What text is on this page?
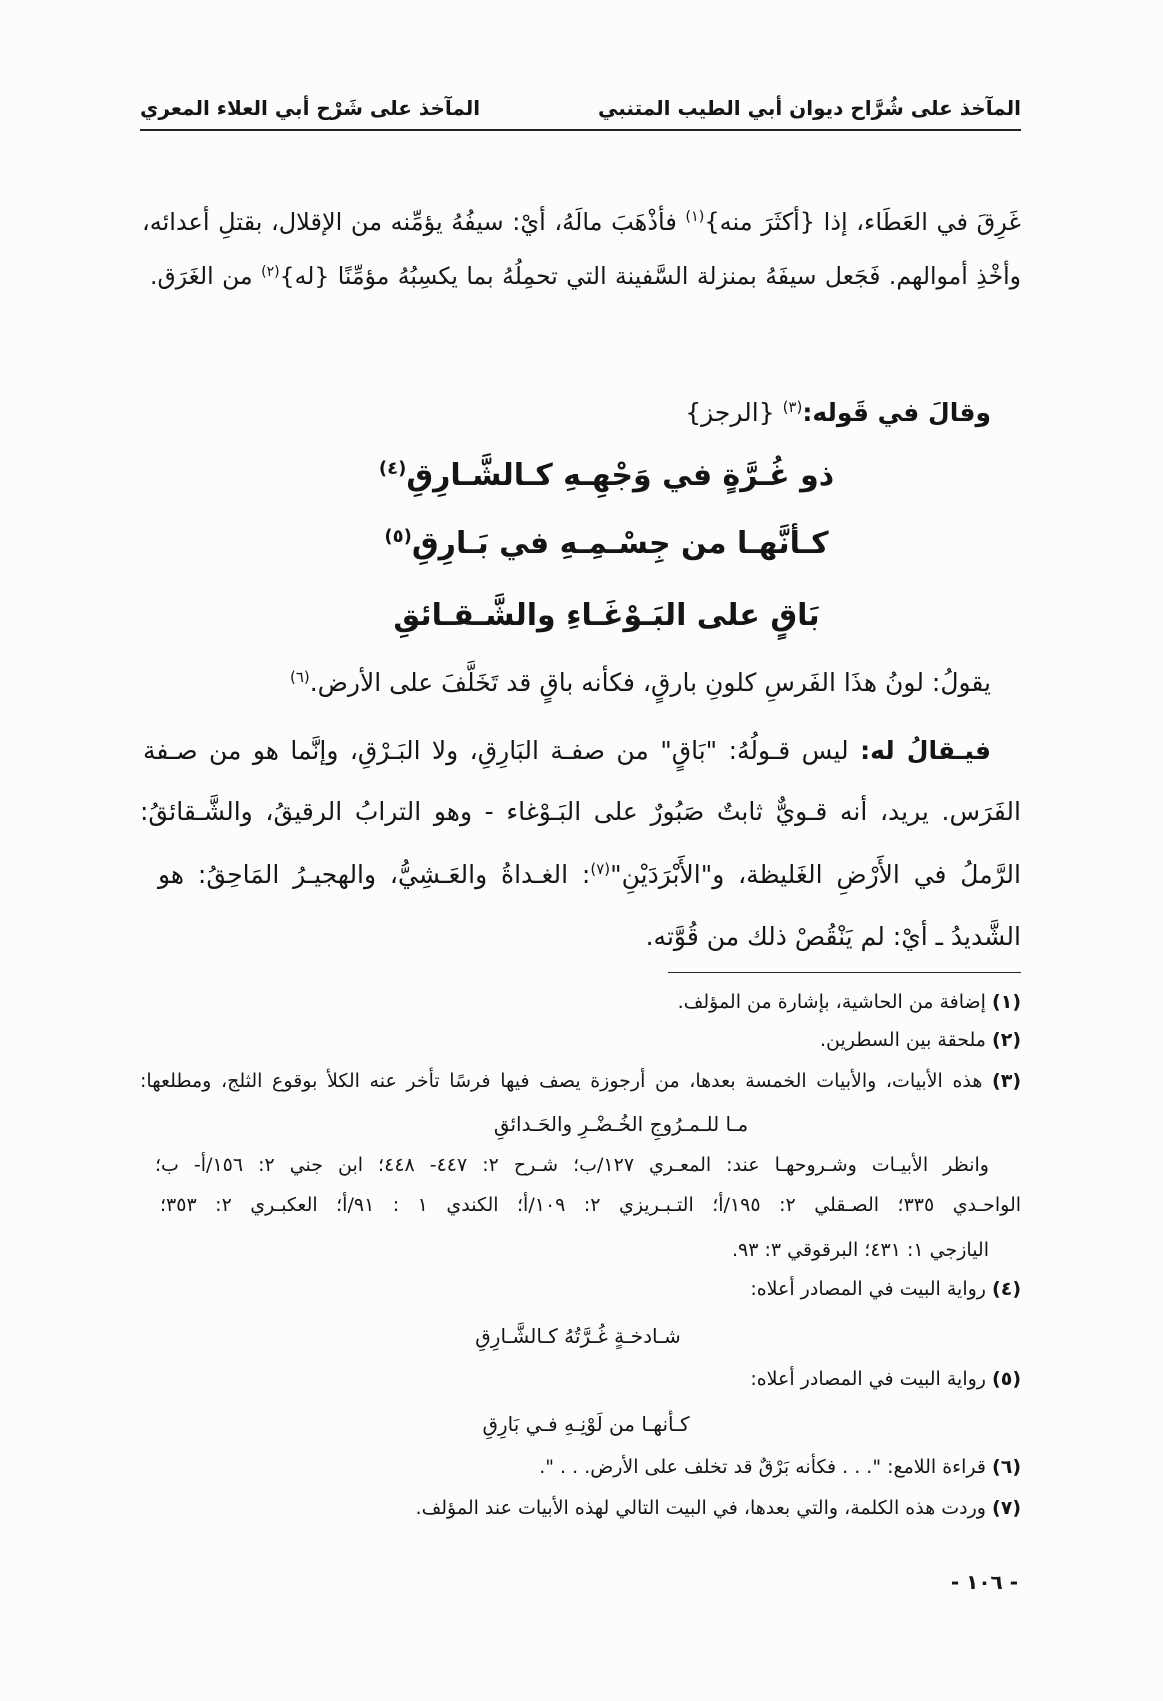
المآخذ على شُرَّاح ديوان أبي الطيب المتنبي
المآخذ على شَرْح أبي العلاء المعري
غَرِقَ في العَطَاء، إذا {أكثَرَ منه}$^{(١)}$ فأذْهَبَ مالَهُ، أيْ: سيفُهُ يؤمِّنه من الإقلال، بقتلِ أعدائه،
وأخْذِ أموالهم. فَجَعل سيفَهُ بمنزلة السَّفينة التي تحمِلُهُ بما يكسِبُهُ مؤمِّنًا {له}$^{(٢)}$ من الغَرَق.
وقالَ في قَوله:$^{(٣)}$ {الرجز}
ذو غُـرَّةٍ في وَجْهِـهِ كـالشَّـارِقِ$^{(٤)}$
كـأنَّهـا من جِسْـمِـهِ في بَـارِقِ$^{(٥)}$
بَاقٍ على البَـوْغَـاءِ والشَّـقـائقِ
يقولُ: لونُ هذَا الفَرسِ كلونِ بارقٍ، فكأنه باقٍ قد تَخَلَّفَ على الأرض.$^{(٦)}$
فيـقالُ له: ليس قـولُهُ: "بَاقٍ" من صفـة البَارِقِ، ولا البَـرْقِ، وإنَّما هو من صـفة
الفَرَس. يريد، أنه قـويٌّ ثابتٌ صَبُورٌ على البَـوْغاء - وهو الترابُ الرقيقُ، والشَّـقائقُ:
الرَّملُ في الأَرْضِ الغَليظة، و"الأَبْرَدَيْنِ"$^{(٧)}$: الغـداةُ والعَـشِيُّ، والهجيـرُ المَاحِقُ: هو
الشَّديدُ ـ أيْ: لم يَنْقُصْ ذلك من قُوَّته.
(١) إضافة من الحاشية، بإشارة من المؤلف.
(٢) ملحقة بين السطرين.
(٣) هذه الأبيات، والأبيات الخمسة بعدها، من أرجوزة يصف فيها فرسًا تأخر عنه الكلأ بوقوع الثلج، ومطلعها:
مـا للـمـرُوجِ الخُـضْـرِ والحَـدائقِ
وانظر الأبيـات وشـروحهـا عند: المعـري ١٢٧/ب؛ شـرح ٢: ٤٤٧- ٤٤٨؛ ابن جني ٢: ١٥٦/أ- ب؛
الواحـدي ٣٣٥؛ الصـقلي ٢: ١٩٥/أ؛ التـبـريزي ٢: ١٠٩/أ؛ الكندي ١ : ٩١/أ؛ العكبـري ٢: ٣٥٣؛
اليازجي ١: ٤٣١؛ البرقوقي ٣: ٩٣.
(٤) رواية البيت في المصادر أعلاه:
شـادخـةٍ غُـرَّتُهُ كـالشَّـارِقِ
(٥) رواية البيت في المصادر أعلاه:
كـأنهـا من لَوْنِـهِ فـي بَارِقِ
(٦) قراءة اللامع: ". . . فكأنه بَرْقٌ قد تخلف على الأرض. . . ".
(٧) وردت هذه الكلمة، والتي بعدها، في البيت التالي لهذه الأبيات عند المؤلف.
- ١٠٦ -
